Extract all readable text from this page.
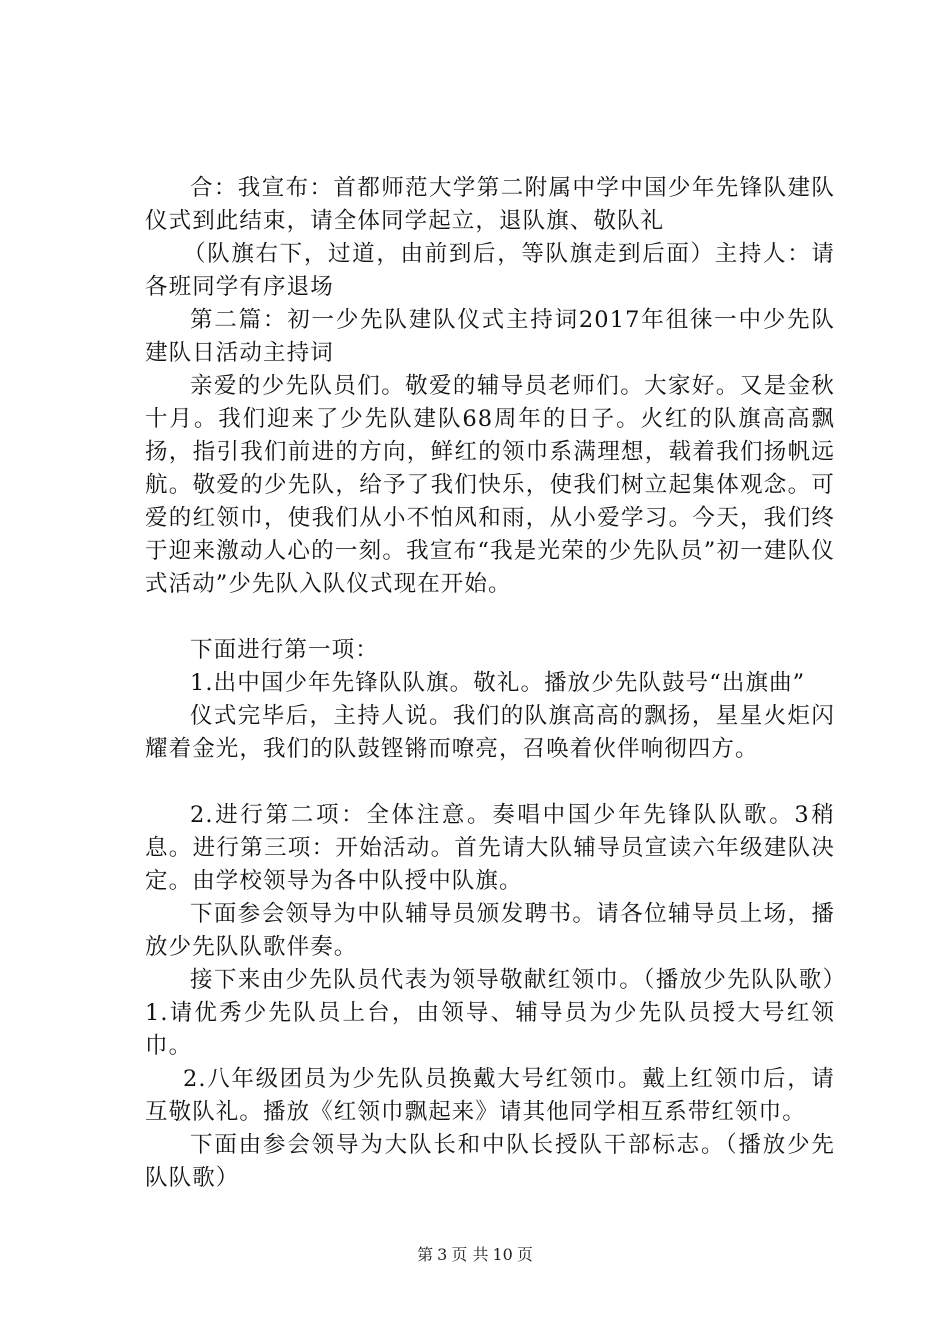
合：我宣布：首都师范大学第二附属中学中国少年先锋队建队仪式到此结束，请全体同学起立，退队旗、敬队礼

（队旗右下，过道，由前到后，等队旗走到后面）主持人：请各班同学有序退场

第二篇：初一少先队建队仪式主持词2017年徂徕一中少先队建队日活动主持词

亲爱的少先队员们。敬爱的辅导员老师们。大家好。又是金秋十月。我们迎来了少先队建队68周年的日子。火红的队旗高高飘扬，指引我们前进的方向，鲜红的领巾系满理想，载着我们扬帆远航。敬爱的少先队，给予了我们快乐，使我们树立起集体观念。可爱的红领巾，使我们从小不怕风和雨，从小爱学习。今天，我们终于迎来激动人心的一刻。我宣布“我是光荣的少先队员”初一建队仪式活动”少先队入队仪式现在开始。

下面进行第一项：

1.出中国少年先锋队队旗。敬礼。播放少先队鼓号“出旗曲”

仪式完毕后，主持人说。我们的队旗高高的飘扬，星星火炬闪耀着金光，我们的队鼓铿锵而嘹亮，召唤着伙伴响彻四方。

2.进行第二项：全体注意。奏唱中国少年先锋队队歌。3稍息。进行第三项：开始活动。首先请大队辅导员宣读六年级建队决定。由学校领导为各中队授中队旗。

下面参会领导为中队辅导员颁发聘书。请各位辅导员上场，播放少先队队歌伴奏。

接下来由少先队员代表为领导敬献红领巾。（播放少先队队歌）1.请优秀少先队员上台，由领导、辅导员为少先队员授大号红领巾。

2.八年级团员为少先队员换戴大号红领巾。戴上红领巾后，请互敬队礼。播放《红领巾飘起来》请其他同学相互系带红领巾。

下面由参会领导为大队长和中队长授队干部标志。（播放少先队队歌）

第 3 页 共 10 页
